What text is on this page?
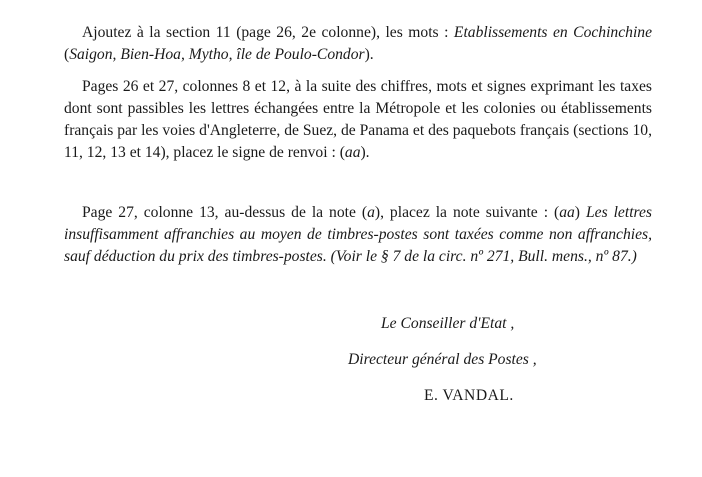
Ajoutez à la section 11 (page 26, 2e colonne), les mots : Etablissements en Cochinchine (Saigon, Bien-Hoa, Mytho, île de Poulo-Condor).

Pages 26 et 27, colonnes 8 et 12, à la suite des chiffres, mots et signes exprimant les taxes dont sont passibles les lettres échangées entre la Métropole et les colonies ou établissements français par les voies d'Angleterre, de Suez, de Panama et des paquebots français (sections 10, 11, 12, 13 et 14), placez le signe de renvoi : (aa).

Page 27, colonne 13, au-dessus de la note (a), placez la note suivante : (aa) Les lettres insuffisamment affranchies au moyen de timbres-postes sont taxées comme non affranchies, sauf déduction du prix des timbres-postes. (Voir le § 7 de la circ. nº 271, Bull. mens., nº 87.)

Le Conseiller d'Etat ,

Directeur général des Postes ,

E. VANDAL.
